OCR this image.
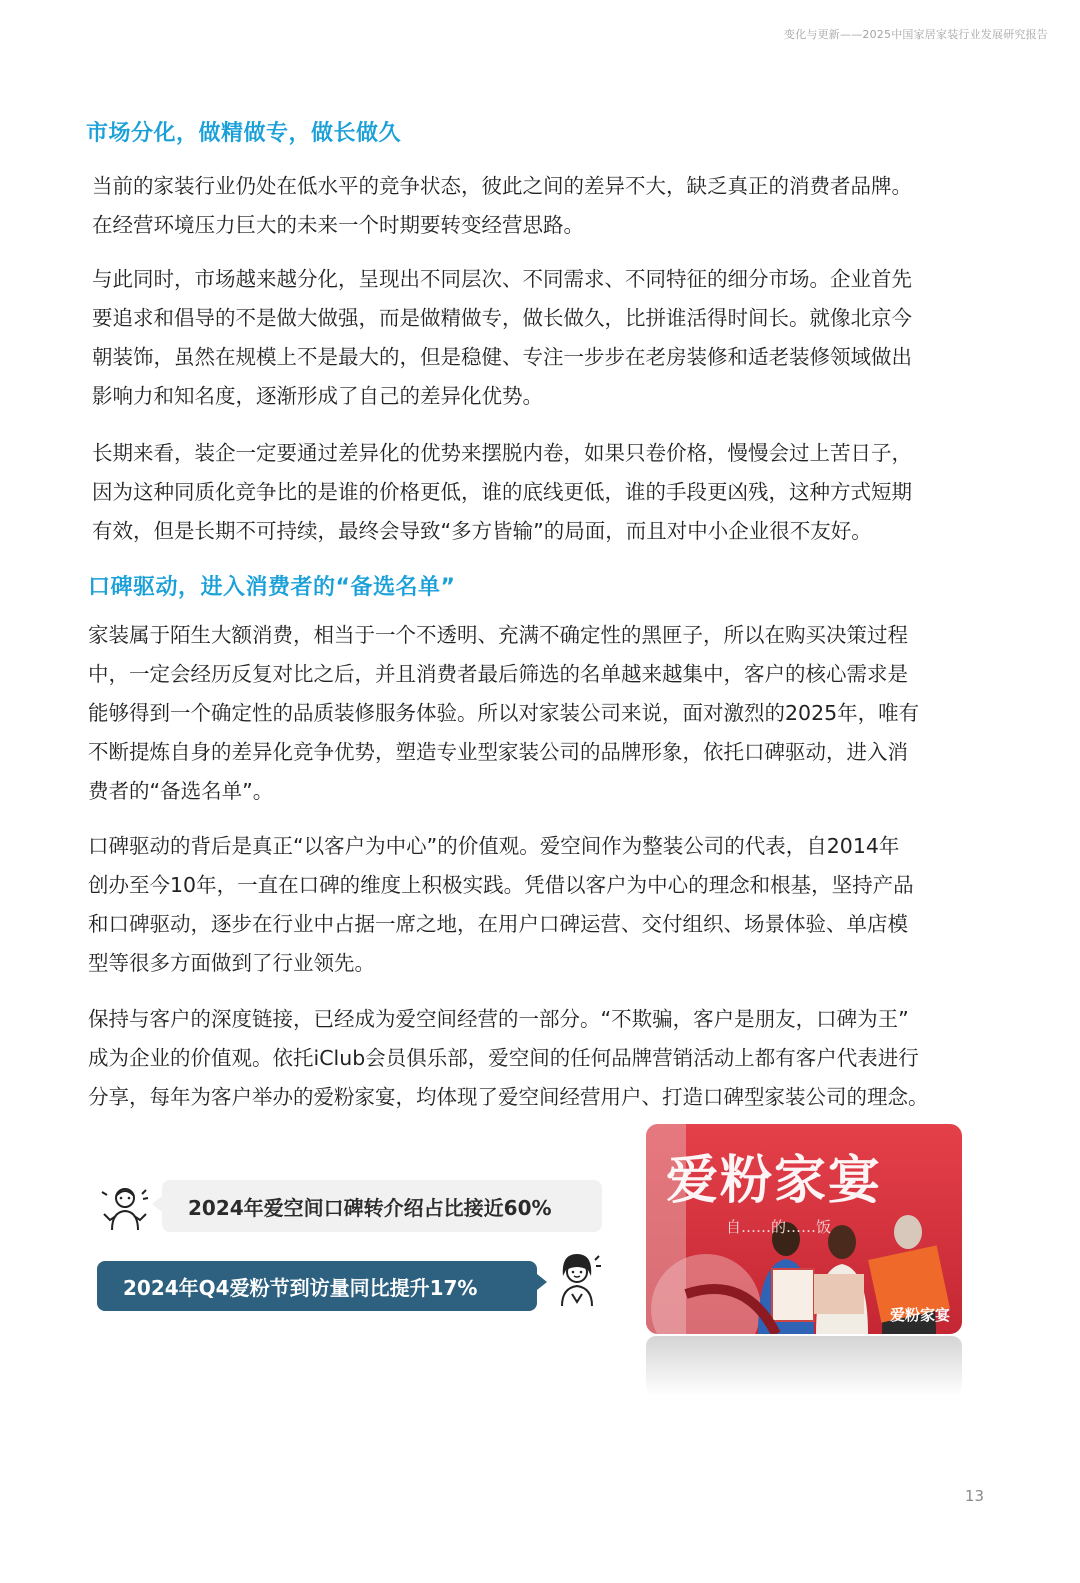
变化与更新——2025中国家居家装行业发展研究报告
市场分化，做精做专，做长做久

当前的家装行业仍处在低水平的竞争状态，彼此之间的差异不大，缺乏真正的消费者品牌。
在经营环境压力巨大的未来一个时期要转变经营思路。

与此同时，市场越来越分化，呈现出不同层次、不同需求、不同特征的细分市场。企业首先
要追求和倡导的不是做大做强，而是做精做专，做长做久，比拼谁活得时间长。就像北京今
朝装饰，虽然在规模上不是最大的，但是稳健、专注一步步在老房装修和适老装修领域做出
影响力和知名度，逐渐形成了自己的差异化优势。

长期来看，装企一定要通过差异化的优势来摆脱内卷，如果只卷价格，慢慢会过上苦日子，
因为这种同质化竞争比的是谁的价格更低，谁的底线更低，谁的手段更凶残，这种方式短期
有效，但是长期不可持续，最终会导致“多方皆输”的局面，而且对中小企业很不友好。

口碑驱动，进入消费者的“备选名单”

家装属于陌生大额消费，相当于一个不透明、充满不确定性的黑匣子，所以在购买决策过程
中，一定会经历反复对比之后，并且消费者最后筛选的名单越来越集中，客户的核心需求是
能够得到一个确定性的品质装修服务体验。所以对家装公司来说，面对激烈的2025年，唯有
不断提炼自身的差异化竞争优势，塑造专业型家装公司的品牌形象，依托口碑驱动，进入消
费者的“备选名单”。

口碑驱动的背后是真正“以客户为中心”的价值观。爱空间作为整装公司的代表，自2014年
创办至今10年，一直在口碑的维度上积极实践。凭借以客户为中心的理念和根基，坚持产品
和口碑驱动，逐步在行业中占据一席之地，在用户口碑运营、交付组织、场景体验、单店模
型等很多方面做到了行业领先。

保持与客户的深度链接，已经成为爱空间经营的一部分。“不欺骗，客户是朋友，口碑为王”
成为企业的价值观。依托iClub会员俱乐部，爱空间的任何品牌营销活动上都有客户代表进行
分享，每年为客户举办的爱粉家宴，均体现了爱空间经营用户、打造口碑型家装公司的理念。

2024年爱空间口碑转介绍占比接近60%
2024年Q4爱粉节到访量同比提升17%
爱粉家宴
自……的……饭
爱粉家宴
13
